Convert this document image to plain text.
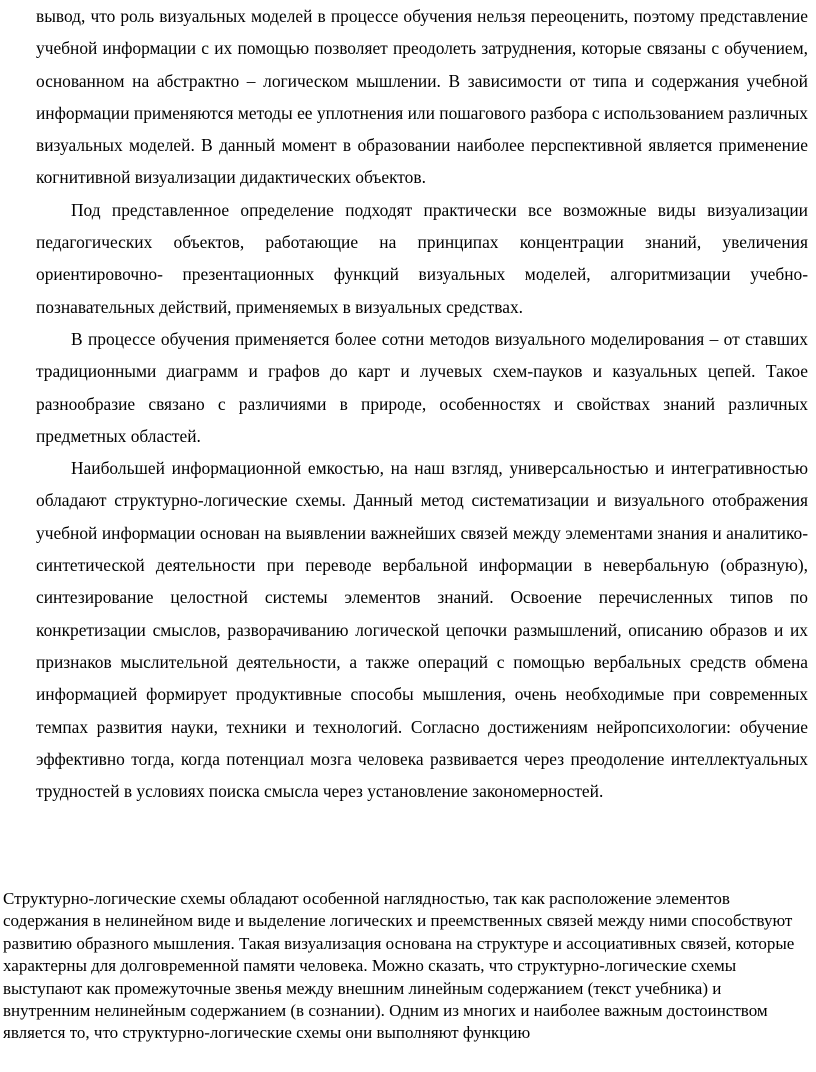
вывод, что роль визуальных моделей в процессе обучения нельзя переоценить, поэтому представление учебной информации с их помощью позволяет преодолеть затруднения, которые связаны с обучением, основанном на абстрактно – логическом мышлении. В зависимости от типа и содержания учебной информации применяются методы ее уплотнения или пошагового разбора с использованием различных визуальных моделей. В данный момент в образовании наиболее перспективной является применение когнитивной визуализации дидактических объектов.

Под представленное определение подходят практически все возможные виды визуализации педагогических объектов, работающие на принципах концентрации знаний, увеличения ориентировочно- презентационных функций визуальных моделей, алгоритмизации учебно- познавательных действий, применяемых в визуальных средствах.

В процессе обучения применяется более сотни методов визуального моделирования – от ставших традиционными диаграмм и графов до карт и лучевых схем-пауков и казуальных цепей. Такое разнообразие связано с различиями в природе, особенностях и свойствах знаний различных предметных областей.

Наибольшей информационной емкостью, на наш взгляд, универсальностью и интегративностью обладают структурно-логические схемы. Данный метод систематизации и визуального отображения учебной информации основан на выявлении важнейших связей между элементами знания и аналитико- синтетической деятельности при переводе вербальной информации в невербальную (образную), синтезирование целостной системы элементов знаний. Освоение перечисленных типов по конкретизации смыслов, разворачиванию логической цепочки размышлений, описанию образов и их признаков мыслительной деятельности, а также операций с помощью вербальных средств обмена информацией формирует продуктивные способы мышления, очень необходимые при современных темпах развития науки, техники и технологий. Согласно достижениям нейропсихологии: обучение эффективно тогда, когда потенциал мозга человека развивается через преодоление интеллектуальных трудностей в условиях поиска смысла через установление закономерностей.

Структурно-логические схемы обладают особенной наглядностью, так как расположение элементов содержания в нелинейном виде и выделение логических и преемственных связей между ними способствуют развитию образного мышления. Такая визуализация основана на структуре и ассоциативных связей, которые характерны для долговременной памяти человека. Можно сказать, что структурно-логические схемы выступают как промежуточные звенья между внешним линейным содержанием (текст учебника) и внутренним нелинейным содержанием (в сознании). Одним из многих и наиболее важным достоинством является то, что структурно-логические схемы они выполняют функцию
